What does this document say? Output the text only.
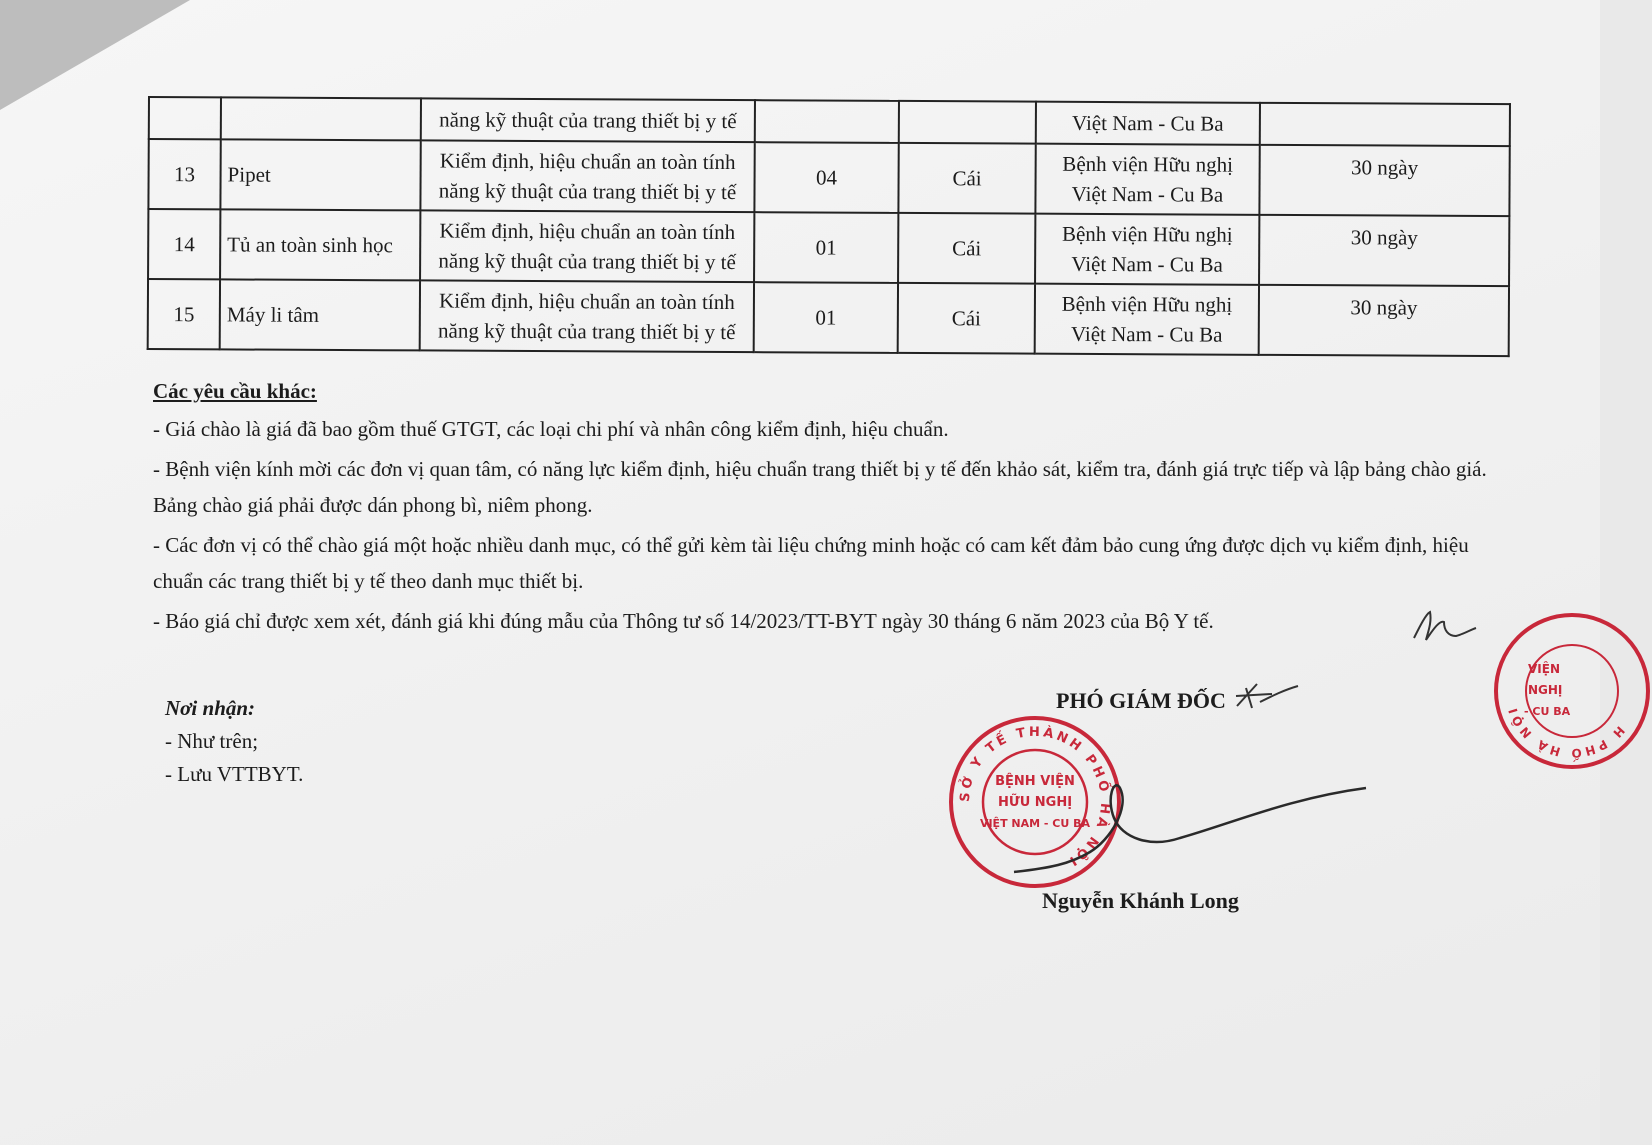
		năng kỹ thuật của trang thiết bị y tế			Việt Nam - Cu Ba	
13	Pipet	Kiểm định, hiệu chuẩn an toàn tính năng kỹ thuật của trang thiết bị y tế	04	Cái	Bệnh viện Hữu nghị Việt Nam - Cu Ba	30 ngày
14	Tủ an toàn sinh học	Kiểm định, hiệu chuẩn an toàn tính năng kỹ thuật của trang thiết bị y tế	01	Cái	Bệnh viện Hữu nghị Việt Nam - Cu Ba	30 ngày
15	Máy li tâm	Kiểm định, hiệu chuẩn an toàn tính năng kỹ thuật của trang thiết bị y tế	01	Cái	Bệnh viện Hữu nghị Việt Nam - Cu Ba	30 ngày
Các yêu cầu khác:

- Giá chào là giá đã bao gồm thuế GTGT, các loại chi phí và nhân công kiểm định, hiệu chuẩn.

- Bệnh viện kính mời các đơn vị quan tâm, có năng lực kiểm định, hiệu chuẩn trang thiết bị y tế đến khảo sát, kiểm tra, đánh giá trực tiếp và lập bảng chào giá. Bảng chào giá phải được dán phong bì, niêm phong.

- Các đơn vị có thể chào giá một hoặc nhiều danh mục, có thể gửi kèm tài liệu chứng minh hoặc có cam kết đảm bảo cung ứng được dịch vụ kiểm định, hiệu chuẩn các trang thiết bị y tế theo danh mục thiết bị.

- Báo giá chỉ được xem xét, đánh giá khi đúng mẫu của Thông tư số 14/2023/TT-BYT ngày 30 tháng 6 năm 2023 của Bộ Y tế.

Nơi nhận:
- Như trên;
- Lưu VTTBYT.
PHÓ GIÁM ĐỐC
SỞ Y TẾ THÀNH PHỐ HÀ NỘI
BỆNH VIỆN
HỮU NGHỊ
VIỆT NAM - CU BA
Nguyễn Khánh Long
H PHỐ HÀ NỘI
VIỆN
NGHỊ
- CU BA
